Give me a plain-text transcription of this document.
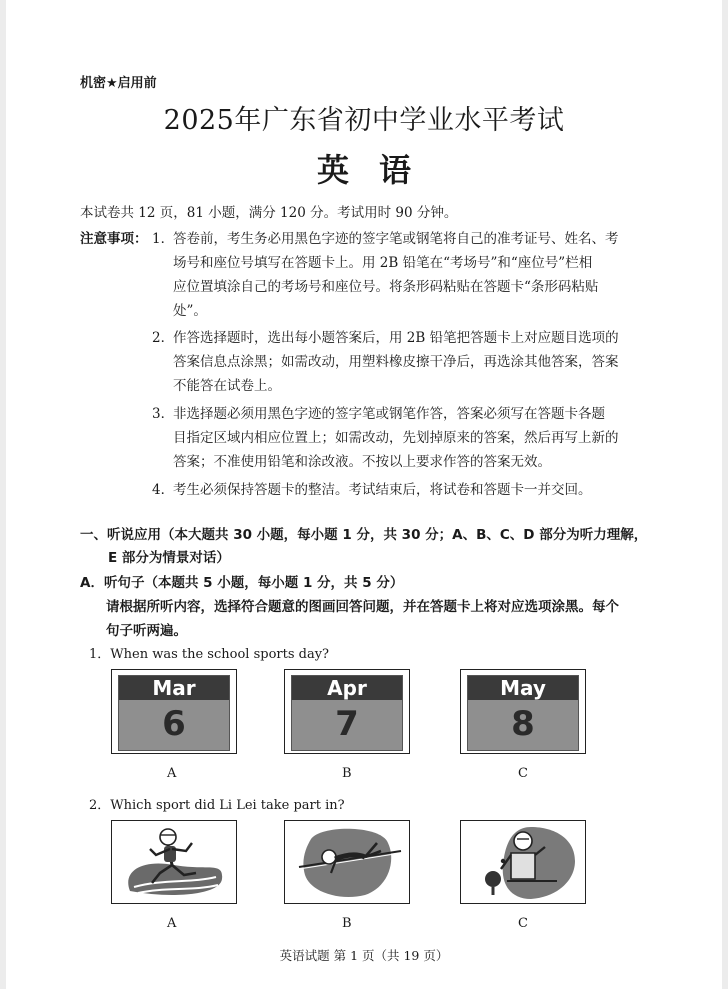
机密★启用前
2025年广东省初中学业水平考试
英语
本试卷共 12 页，81 小题，满分 120 分。考试用时 90 分钟。
注意事项： 1．
答卷前，考生务必用黑色字迹的签字笔或钢笔将自己的准考证号、姓名、考
场号和座位号填写在答题卡上。用 2B 铅笔在“考场号”和“座位号”栏相
应位置填涂自己的考场号和座位号。将条形码粘贴在答题卡“条形码粘贴
处”。
2．
作答选择题时，选出每小题答案后，用 2B 铅笔把答题卡上对应题目选项的
答案信息点涂黑；如需改动，用塑料橡皮擦干净后，再选涂其他答案，答案
不能答在试卷上。
3．
非选择题必须用黑色字迹的签字笔或钢笔作答，答案必须写在答题卡各题
目指定区域内相应位置上；如需改动，先划掉原来的答案，然后再写上新的
答案；不准使用铅笔和涂改液。不按以上要求作答的答案无效。
4．
考生必须保持答题卡的整洁。考试结束后，将试卷和答题卡一并交回。
一、听说应用（本大题共 30 小题，每小题 1 分，共 30 分；A、B、C、D 部分为听力理解，
E 部分为情景对话）
A．听句子（本题共 5 小题，每小题 1 分，共 5 分）
请根据所听内容，选择符合题意的图画回答问题，并在答题卡上将对应选项涂黑。每个
句子听两遍。
1．When was the school sports day?
Mar
6
Apr
7
May
8
A	B	C
2．Which sport did Li Lei take part in?
A	B	C
英语试题 第 1 页（共 19 页）
